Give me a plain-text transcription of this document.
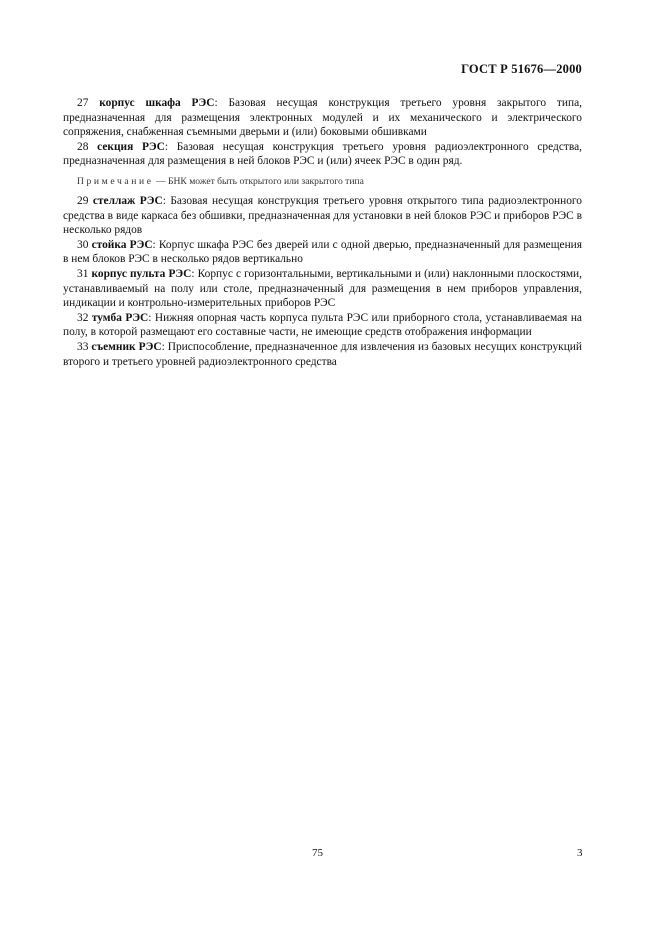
ГОСТ Р 51676—2000

27 корпус шкафа РЭС: Базовая несущая конструкция третьего уровня закрытого типа, предназначенная для размещения электронных модулей и их механического и электрического сопряжения, снабженная съемными дверьми и (или) боковыми обшивками

28 секция РЭС: Базовая несущая конструкция третьего уровня радиоэлектронного средства, предназначенная для размещения в ней блоков РЭС и (или) ячеек РЭС в один ряд.

Примечание — БНК может быть открытого или закрытого типа

29 стеллаж РЭС: Базовая несущая конструкция третьего уровня открытого типа радиоэлектронного средства в виде каркаса без обшивки, предназначенная для установки в ней блоков РЭС и приборов РЭС в несколько рядов

30 стойка РЭС: Корпус шкафа РЭС без дверей или с одной дверью, предназначенный для размещения в нем блоков РЭС в несколько рядов вертикально

31 корпус пульта РЭС: Корпус с горизонтальными, вертикальными и (или) наклонными плоскостями, устанавливаемый на полу или столе, предназначенный для размещения в нем приборов управления, индикации и контрольно-измерительных приборов РЭС

32 тумба РЭС: Нижняя опорная часть корпуса пульта РЭС или приборного стола, устанавливаемая на полу, в которой размещают его составные части, не имеющие средств отображения информации

33 съемник РЭС: Приспособление, предназначенное для извлечения из базовых несущих конструкций второго и третьего уровней радиоэлектронного средства

75	3
